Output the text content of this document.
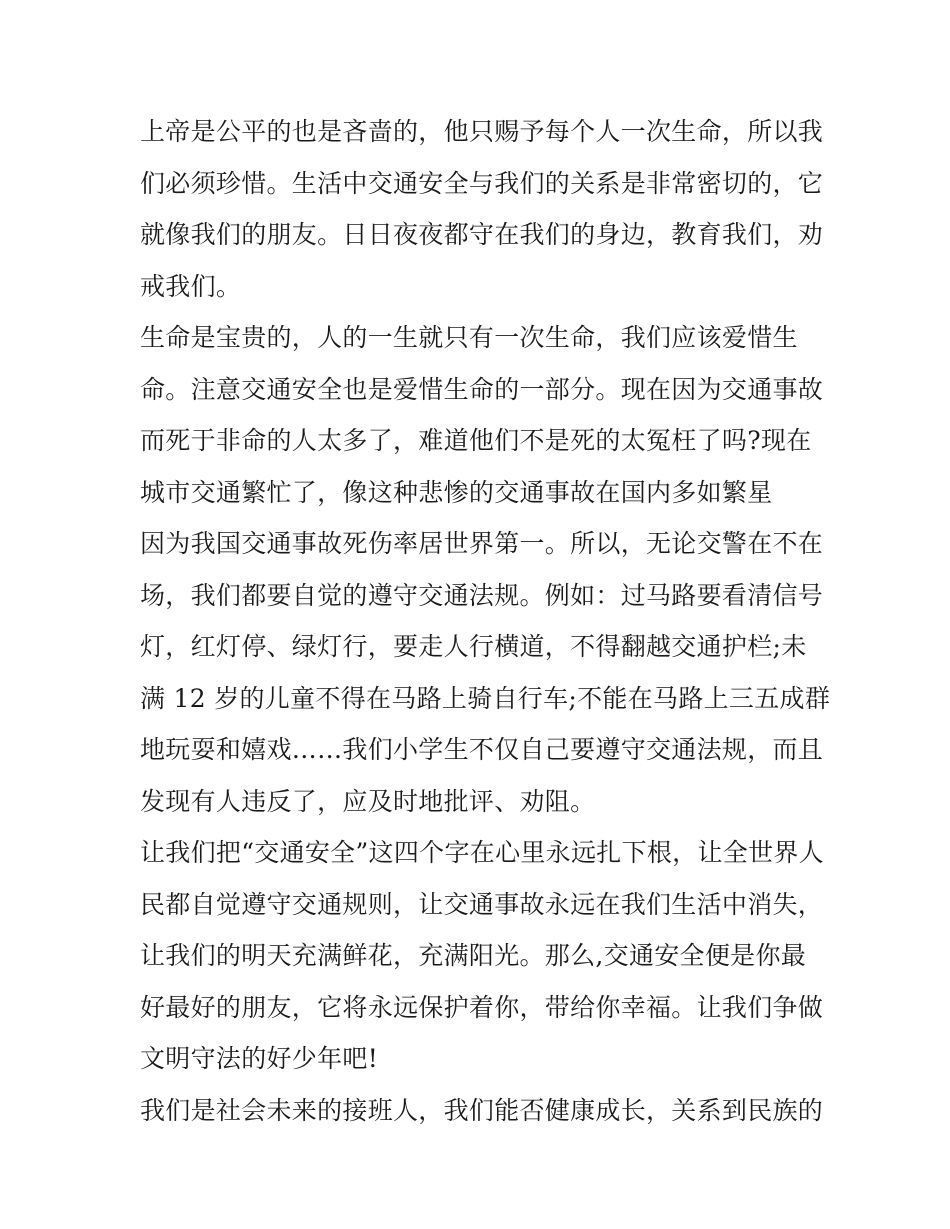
上帝是公平的也是吝啬的，他只赐予每个人一次生命，所以我
们必须珍惜。生活中交通安全与我们的关系是非常密切的，它
就像我们的朋友。日日夜夜都守在我们的身边，教育我们，劝
戒我们。
生命是宝贵的，人的一生就只有一次生命，我们应该爱惜生
命。注意交通安全也是爱惜生命的一部分。现在因为交通事故
而死于非命的人太多了，难道他们不是死的太冤枉了吗?现在
城市交通繁忙了，像这种悲惨的交通事故在国内多如繁星
因为我国交通事故死伤率居世界第一。所以，无论交警在不在
场，我们都要自觉的遵守交通法规。例如：过马路要看清信号
灯，红灯停、绿灯行，要走人行横道，不得翻越交通护栏;未
满 12 岁的儿童不得在马路上骑自行车;不能在马路上三五成群
地玩耍和嬉戏……我们小学生不仅自己要遵守交通法规，而且
发现有人违反了，应及时地批评、劝阻。
让我们把“交通安全”这四个字在心里永远扎下根，让全世界人
民都自觉遵守交通规则，让交通事故永远在我们生活中消失，
让我们的明天充满鲜花，充满阳光。那么,交通安全便是你最
好最好的朋友，它将永远保护着你，带给你幸福。让我们争做
文明守法的好少年吧!
我们是社会未来的接班人，我们能否健康成长，关系到民族的
